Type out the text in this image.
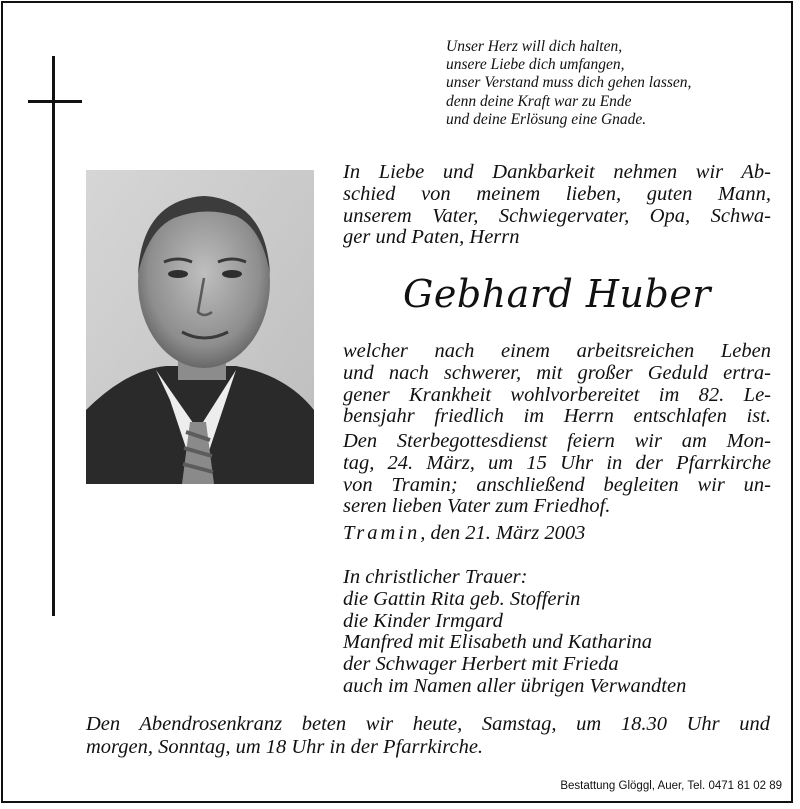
Unser Herz will dich halten,
unsere Liebe dich umfangen,
unser Verstand muss dich gehen lassen,
denn deine Kraft war zu Ende
und deine Erlösung eine Gnade.
In Liebe und Dankbarkeit nehmen wir Ab-
schied von meinem lieben, guten Mann,
unserem Vater, Schwiegervater, Opa, Schwa-
ger und Paten, Herrn
Gebhard Huber
welcher nach einem arbeitsreichen Leben
und nach schwerer, mit großer Geduld ertra-
gener Krankheit wohlvorbereitet im 82. Le-
bensjahr friedlich im Herrn entschlafen ist.
Den Sterbegottesdienst feiern wir am Mon-
tag, 24. März, um 15 Uhr in der Pfarrkirche
von Tramin; anschließend begleiten wir un-
seren lieben Vater zum Friedhof.
Tramin, den 21. März 2003
In christlicher Trauer:
die Gattin Rita geb. Stofferin
die Kinder Irmgard
Manfred mit Elisabeth und Katharina
der Schwager Herbert mit Frieda
auch im Namen aller übrigen Verwandten
Den Abendrosenkranz beten wir heute, Samstag, um 18.30 Uhr und
morgen, Sonntag, um 18 Uhr in der Pfarrkirche.
Bestattung Glöggl, Auer, Tel. 0471 81 02 89
